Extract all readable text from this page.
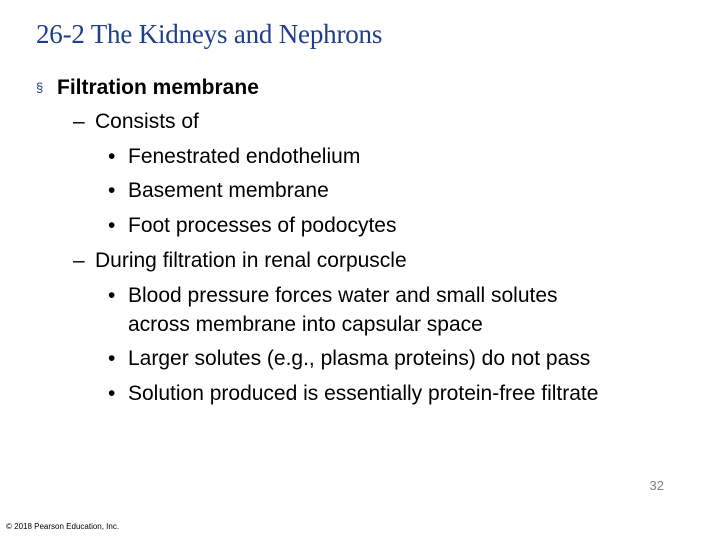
26-2 The Kidneys and Nephrons
§ Filtration membrane
– Consists of
• Fenestrated endothelium
• Basement membrane
• Foot processes of podocytes
– During filtration in renal corpuscle
• Blood pressure forces water and small solutes
across membrane into capsular space
• Larger solutes (e.g., plasma proteins) do not pass
• Solution produced is essentially protein-free filtrate
32
© 2018 Pearson Education, Inc.
